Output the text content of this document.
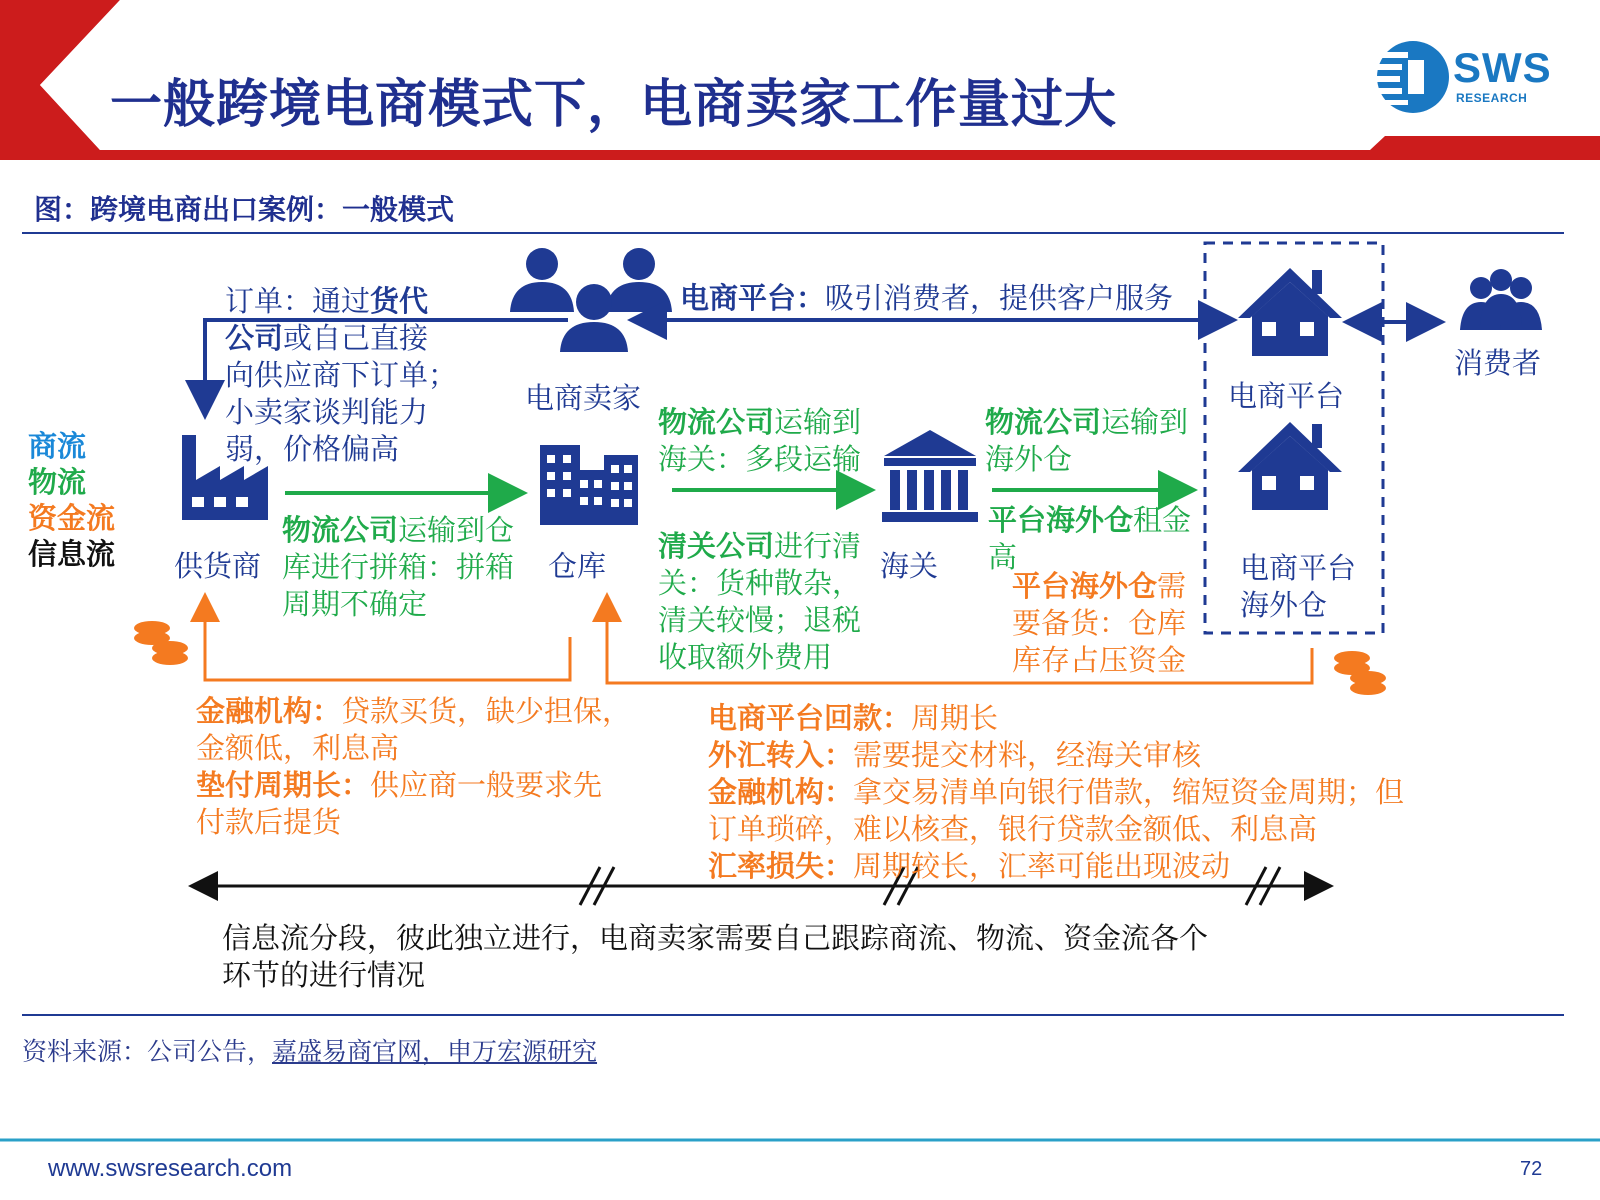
一般跨境电商模式下，电商卖家工作量过大
SWS
RESEARCH
图：跨境电商出口案例：一般模式
商流
物流
资金流
信息流
订单：通过货代
公司或自己直接
向供应商下订单；
小卖家谈判能力
弱，价格偏高
电商平台：吸引消费者，提供客户服务
电商卖家
供货商	仓库	海关
电商平台
电商平台
海外仓
消费者
物流公司运输到仓
库进行拼箱：拼箱
周期不确定
物流公司运输到
海关：多段运输
物流公司运输到
海外仓
清关公司进行清
关：货种散杂，
清关较慢；退税
收取额外费用
平台海外仓租金
高
平台海外仓需
要备货：仓库
库存占压资金
金融机构：贷款买货，缺少担保，
金额低，利息高
垫付周期长：供应商一般要求先
付款后提货
电商平台回款：周期长
外汇转入：需要提交材料，经海关审核
金融机构：拿交易清单向银行借款，缩短资金周期；但
订单琐碎，难以核查，银行贷款金额低、利息高
汇率损失：周期较长，汇率可能出现波动
信息流分段，彼此独立进行，电商卖家需要自己跟踪商流、物流、资金流各个
环节的进行情况
资料来源：公司公告，嘉盛易商官网，申万宏源研究
www.swsresearch.com	72
